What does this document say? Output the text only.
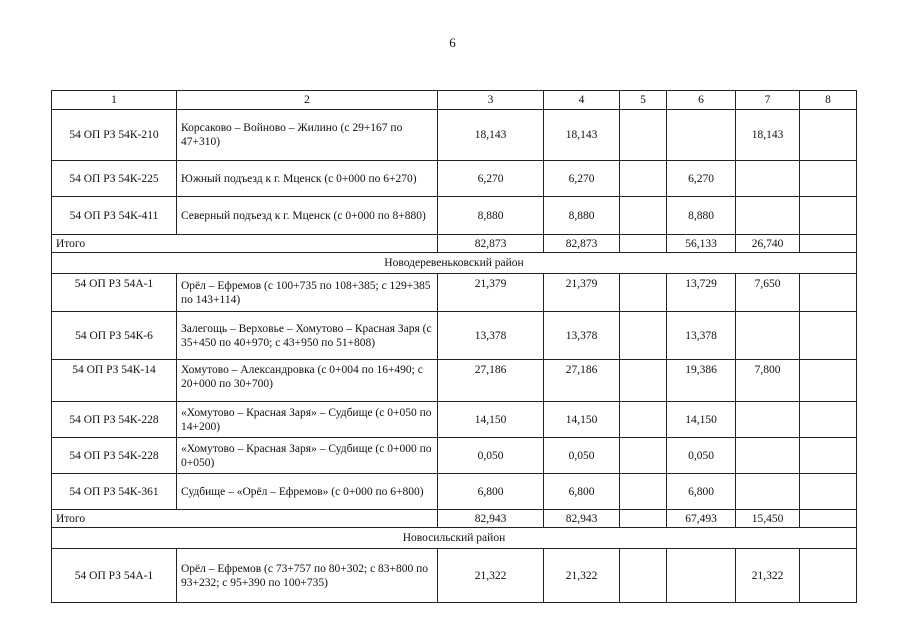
6
1	2	3	4	5	6	7	8
54 ОП РЗ 54К-210	Корсаково – Войново – Жилино (с 29+167 по 47+310)	18,143	18,143			18,143	
54 ОП РЗ 54К-225	Южный подъезд к г. Мценск (с 0+000 по 6+270)	6,270	6,270		6,270		
54 ОП РЗ 54К-411	Северный подъезд к г. Мценск (с 0+000 по 8+880)	8,880	8,880		8,880		
Итого		82,873	82,873		56,133	26,740	
Новодеревеньковский район							
54 ОП РЗ 54А-1	Орёл – Ефремов (с 100+735 по 108+385; с 129+385 по 143+114)	21,379	21,379		13,729	7,650	
54 ОП РЗ 54К-6	Залегощь – Верховье – Хомутово – Красная Заря (с 35+450 по 40+970; с 43+950 по 51+808)	13,378	13,378		13,378		
54 ОП РЗ 54К-14	Хомутово – Александровка (с 0+004 по 16+490; с 20+000 по 30+700)	27,186	27,186		19,386	7,800	
54 ОП РЗ 54К-228	«Хомутово – Красная Заря» – Судбище (с 0+050 по 14+200)	14,150	14,150		14,150		
54 ОП РЗ 54К-228	«Хомутово – Красная Заря» – Судбище (с 0+000 по 0+050)	0,050	0,050		0,050		
54 ОП РЗ 54К-361	Судбище – «Орёл – Ефремов» (с 0+000 по 6+800)	6,800	6,800		6,800		
Итого		82,943	82,943		67,493	15,450	
Новосильский район							
54 ОП РЗ 54А-1	Орёл – Ефремов (с 73+757 по 80+302; с 83+800 по 93+232; с 95+390 по 100+735)	21,322	21,322			21,322	
